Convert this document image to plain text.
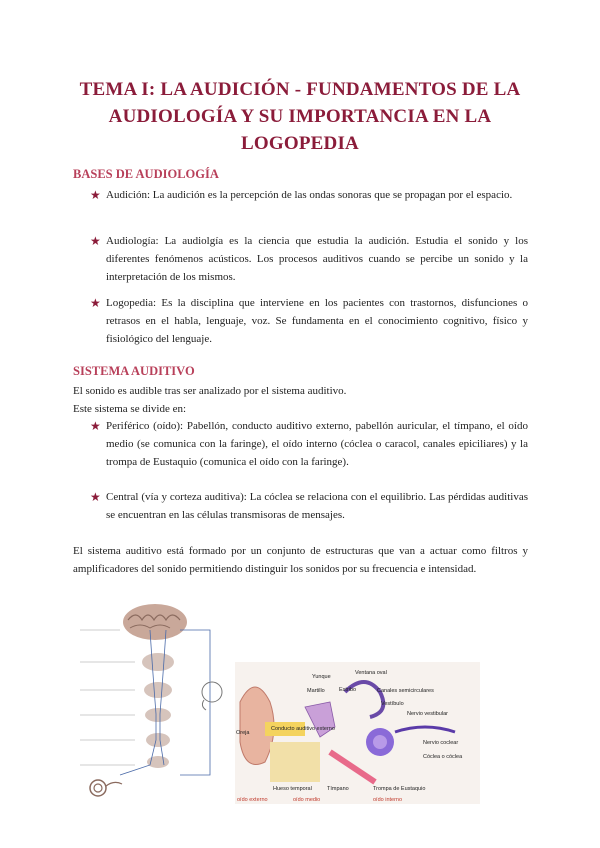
TEMA I: LA AUDICIÓN - FUNDAMENTOS DE LA
AUDIOLOGÍA Y SU IMPORTANCIA EN LA
LOGOPEDIA
BASES DE AUDIOLOGÍA
★ Audición: La audición es la percepción de las ondas sonoras que se propagan por el espacio.
★ Audiología: La audiolgía es la ciencia que estudia la audición. Estudia el sonido y los diferentes fenómenos acústicos. Los procesos auditivos cuando se percibe un sonido y la interpretación de los mismos.
★ Logopedia: Es la disciplina que interviene en los pacientes con trastornos, disfunciones o retrasos en el habla, lenguaje, voz. Se fundamenta en el conocimiento cognitivo, físico y fisiológico del lenguaje.
SISTEMA AUDITIVO
El sonido es audible tras ser analizado por el sistema auditivo.
Este sistema se divide en:
★ Periférico (oído): Pabellón, conducto auditivo externo, pabellón auricular, el tímpano, el oído medio (se comunica con la faringe), el oído interno (cóclea o caracol, canales epiciliares) y la trompa de Eustaquio (comunica el oído con la faringe).
★ Central (vía y corteza auditiva): La cóclea se relaciona con el equilibrio. Las pérdidas auditivas se encuentran en las células transmisoras de mensajes.
El sistema auditivo está formado por un conjunto de estructuras que van a actuar como filtros y amplificadores del sonido permitiendo distinguir los sonidos por su frecuencia e intensidad.
Yunque
Ventana oval
Martillo	Estribo	Canales semicirculares
Vestíbulo
Nervio vestibular
Oreja
Conducto auditivo externo
Nervio coclear
Cóclea o cóclea
Hueso temporal	Tímpano	Trompa de Eustaquio
oído externo	oído medio	oído interno
